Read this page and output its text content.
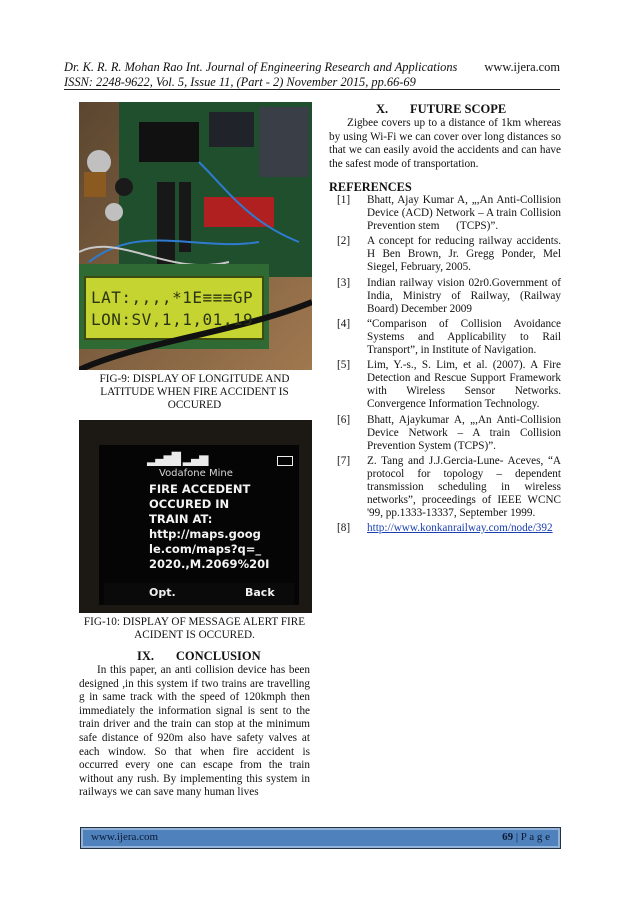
Dr. K. R. R. Mohan Rao Int. Journal of Engineering Research and Applications
ISSN: 2248-9622, Vol. 5, Issue 11, (Part - 2) November 2015, pp.66-69
www.ijera.com
LAT:,,,,*1E≡≡≡GP
LON:SV,1,1,01,19
FIG-9: DISPLAY OF LONGITUDE AND LATITUDE WHEN FIRE ACCIDENT IS OCCURED
▂▄▆█ ▂▄▆
Vodafone Mine
FIRE ACCEDENT
OCCURED IN
TRAIN AT:
http://maps.goog
le.com/maps?q=_
2020.,M.2069%20I
Opt.	Back
FIG-10: DISPLAY OF MESSAGE ALERT FIRE ACIDENT IS OCCURED.
IX.       CONCLUSION

In this paper, an anti collision device has been designed ,in this system if two trains are travelling g in same track with the speed of 120kmph then immediately the information signal is sent to the train driver and the train can stop at the minimum safe distance of 920m also have safety valves at each window. So that when fire accident is occurred every one can escape from the train without any rush. By implementing this system in railways we can save many human lives

X.       FUTURE SCOPE

Zigbee covers up to a distance of 1km whereas by using Wi-Fi we can cover over long distances so that we can easily avoid the accidents and can have the safest mode of transportation.

REFERENCES
[1]	Bhatt, Ajay Kumar A, „,An Anti-Collision Device (ACD) Network – A train Collision Prevention stem      (TCPS)”.
[2]	A concept for reducing railway accidents. H Ben Brown, Jr. Gregg Ponder, Mel Siegel, February, 2005.
[3]	Indian railway vision 02r0.Government of India, Ministry of Railway, (Railway Board) December 2009
[4]	“Comparison of Collision Avoidance Systems and Applicability to Rail Transport”, in Institute of Navigation.
[5]	Lim, Y.-s., S. Lim, et al. (2007). A Fire Detection and Rescue Support Framework with Wireless Sensor Networks. Convergence Information Technology.
[6]	Bhatt, Ajaykumar A, „,An Anti-Collision Device Network – A train Collision Prevention System (TCPS)”.
[7]	Z. Tang and J.J.Gercia-Lune- Aceves, “A protocol for topology – dependent transmission scheduling in wireless networks”, proceedings of IEEE WCNC '99, pp.1333-13337, September 1999.
[8]	http://www.konkanrailway.com/node/392
www.ijera.com	69 | P a g e
